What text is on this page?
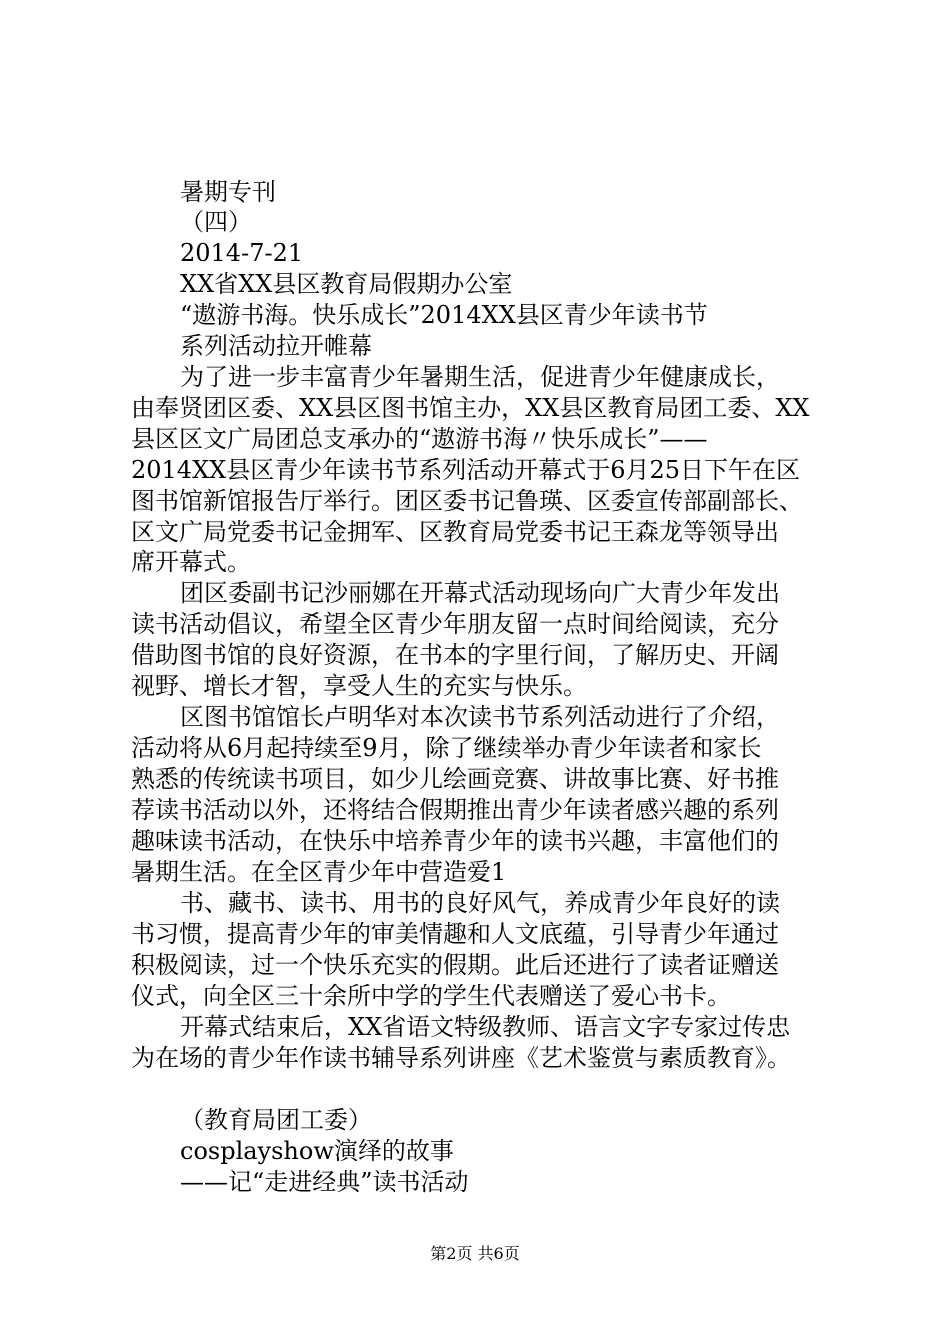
暑期专刊
（四）
2014-7-21
XX省XX县区教育局假期办公室
“遨游书海。快乐成长”2014XX县区青少年读书节
系列活动拉开帷幕
为了进一步丰富青少年暑期生活，促进青少年健康成长，
由奉贤团区委、XX县区图书馆主办，XX县区教育局团工委、XX
县区区文广局团总支承办的“遨游书海〃快乐成长”——
2014XX县区青少年读书节系列活动开幕式于6月25日下午在区
图书馆新馆报告厅举行。团区委书记鲁瑛、区委宣传部副部长、
区文广局党委书记金拥军、区教育局党委书记王森龙等领导出
席开幕式。
团区委副书记沙丽娜在开幕式活动现场向广大青少年发出
读书活动倡议，希望全区青少年朋友留一点时间给阅读，充分
借助图书馆的良好资源，在书本的字里行间，了解历史、开阔
视野、增长才智，享受人生的充实与快乐。
区图书馆馆长卢明华对本次读书节系列活动进行了介绍，
活动将从6月起持续至9月，除了继续举办青少年读者和家长
熟悉的传统读书项目，如少儿绘画竞赛、讲故事比赛、好书推
荐读书活动以外，还将结合假期推出青少年读者感兴趣的系列
趣味读书活动，在快乐中培养青少年的读书兴趣，丰富他们的
暑期生活。在全区青少年中营造爱1
书、藏书、读书、用书的良好风气，养成青少年良好的读
书习惯，提高青少年的审美情趣和人文底蕴，引导青少年通过
积极阅读，过一个快乐充实的假期。此后还进行了读者证赠送
仪式，向全区三十余所中学的学生代表赠送了爱心书卡。
开幕式结束后，XX省语文特级教师、语言文字专家过传忠
为在场的青少年作读书辅导系列讲座《艺术鉴赏与素质教育》。
（教育局团工委）
cosplayshow演绎的故事
——记“走进经典”读书活动
第2页 共6页
